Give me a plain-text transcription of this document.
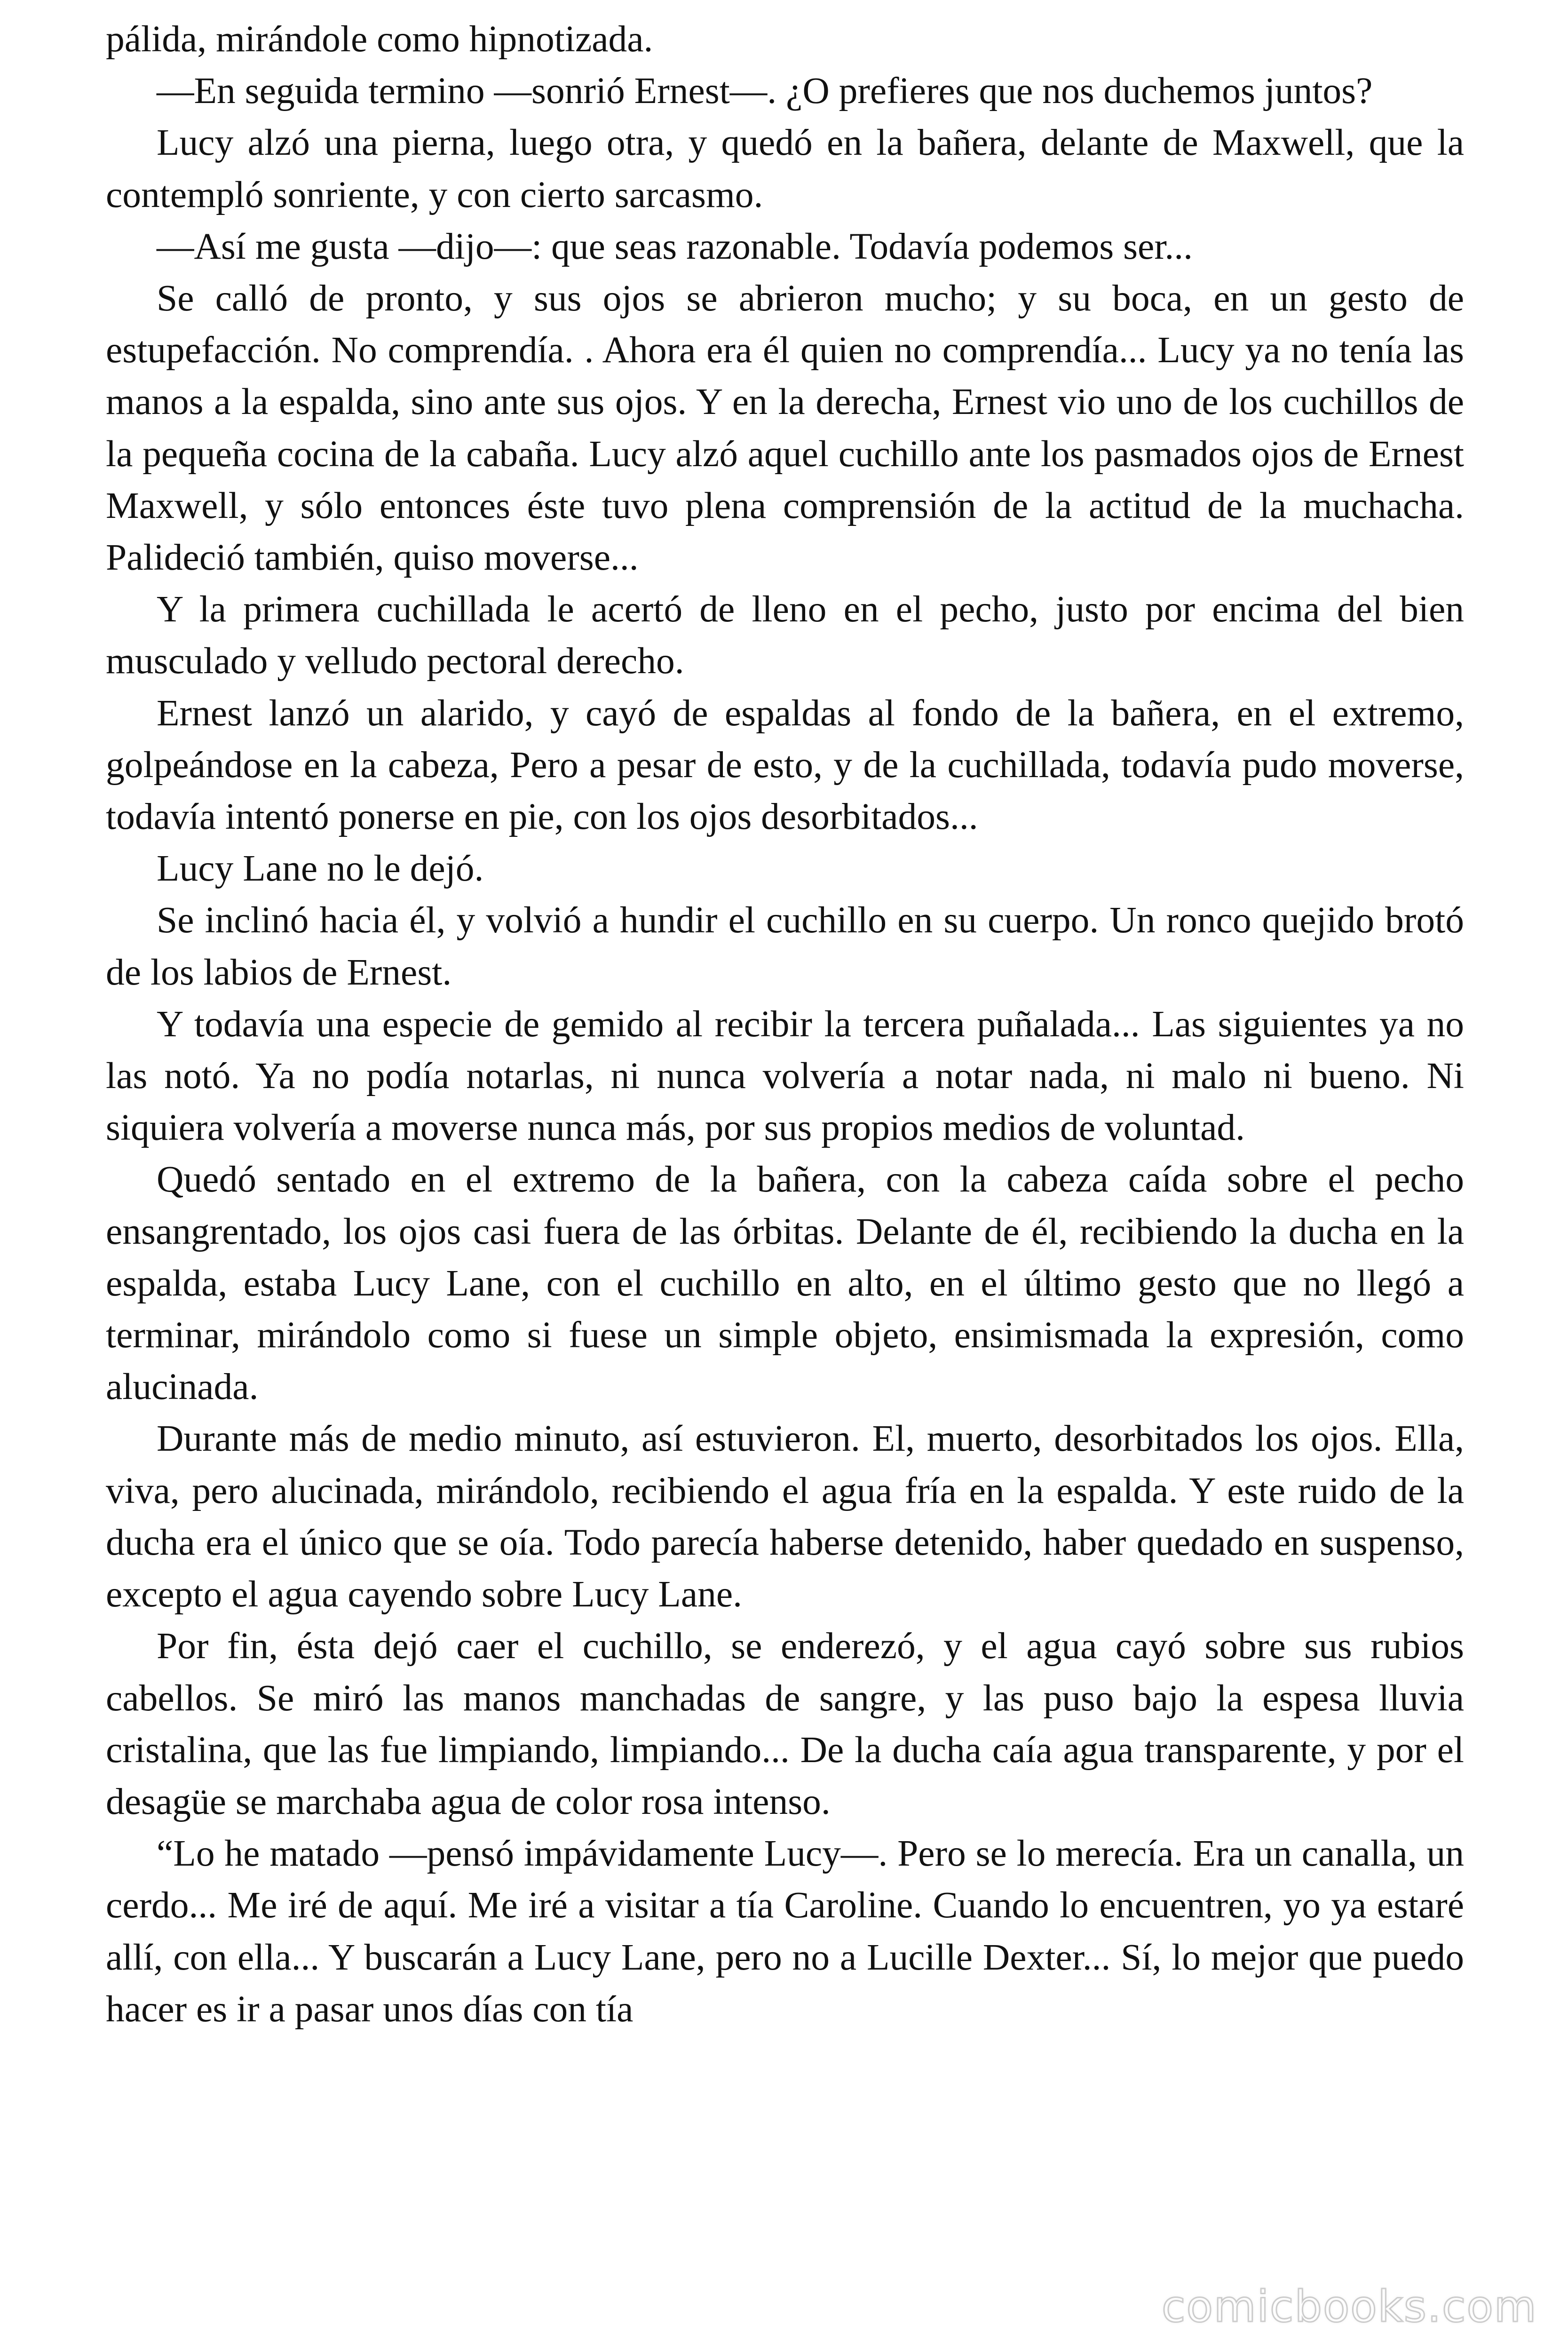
pálida, mirándole como hipnotizada.

—En seguida termino —sonrió Ernest—. ¿O prefieres que nos duchemos juntos?

Lucy alzó una pierna, luego otra, y quedó en la bañera, delante de Maxwell, que la contempló sonriente, y con cierto sarcasmo.

—Así me gusta —dijo—: que seas razonable. Todavía podemos ser...

Se calló de pronto, y sus ojos se abrieron mucho; y su boca, en un gesto de estupefacción. No comprendía. . Ahora era él quien no comprendía... Lucy ya no tenía las manos a la espalda, sino ante sus ojos. Y en la derecha, Ernest vio uno de los cuchillos de la pequeña cocina de la cabaña. Lucy alzó aquel cuchillo ante los pasmados ojos de Ernest Maxwell, y sólo entonces éste tuvo plena comprensión de la actitud de la muchacha. Palideció también, quiso moverse...

Y la primera cuchillada le acertó de lleno en el pecho, justo por encima del bien musculado y velludo pectoral derecho.

Ernest lanzó un alarido, y cayó de espaldas al fondo de la bañera, en el extremo, golpeándose en la cabeza, Pero a pesar de esto, y de la cuchillada, todavía pudo moverse, todavía intentó ponerse en pie, con los ojos desorbitados...

Lucy Lane no le dejó.

Se inclinó hacia él, y volvió a hundir el cuchillo en su cuerpo. Un ronco quejido brotó de los labios de Ernest.

Y todavía una especie de gemido al recibir la tercera puñalada... Las siguientes ya no las notó. Ya no podía notarlas, ni nunca volvería a notar nada, ni malo ni bueno. Ni siquiera volvería a moverse nunca más, por sus propios medios de voluntad.

Quedó sentado en el extremo de la bañera, con la cabeza caída sobre el pecho ensangrentado, los ojos casi fuera de las órbitas. Delante de él, recibiendo la ducha en la espalda, estaba Lucy Lane, con el cuchillo en alto, en el último gesto que no llegó a terminar, mirándolo como si fuese un simple objeto, ensimismada la expresión, como alucinada.

Durante más de medio minuto, así estuvieron. El, muerto, desorbitados los ojos. Ella, viva, pero alucinada, mirándolo, recibiendo el agua fría en la espalda. Y este ruido de la ducha era el único que se oía. Todo parecía haberse detenido, haber quedado en suspenso, excepto el agua cayendo sobre Lucy Lane.

Por fin, ésta dejó caer el cuchillo, se enderezó, y el agua cayó sobre sus rubios cabellos. Se miró las manos manchadas de sangre, y las puso bajo la espesa lluvia cristalina, que las fue limpiando, limpiando... De la ducha caía agua transparente, y por el desagüe se marchaba agua de color rosa intenso.

“Lo he matado —pensó impávidamente Lucy—. Pero se lo merecía. Era un canalla, un cerdo... Me iré de aquí. Me iré a visitar a tía Caroline. Cuando lo encuentren, yo ya estaré allí, con ella... Y buscarán a Lucy Lane, pero no a Lucille Dexter... Sí, lo mejor que puedo hacer es ir a pasar unos días con tía

comicbooks.com
